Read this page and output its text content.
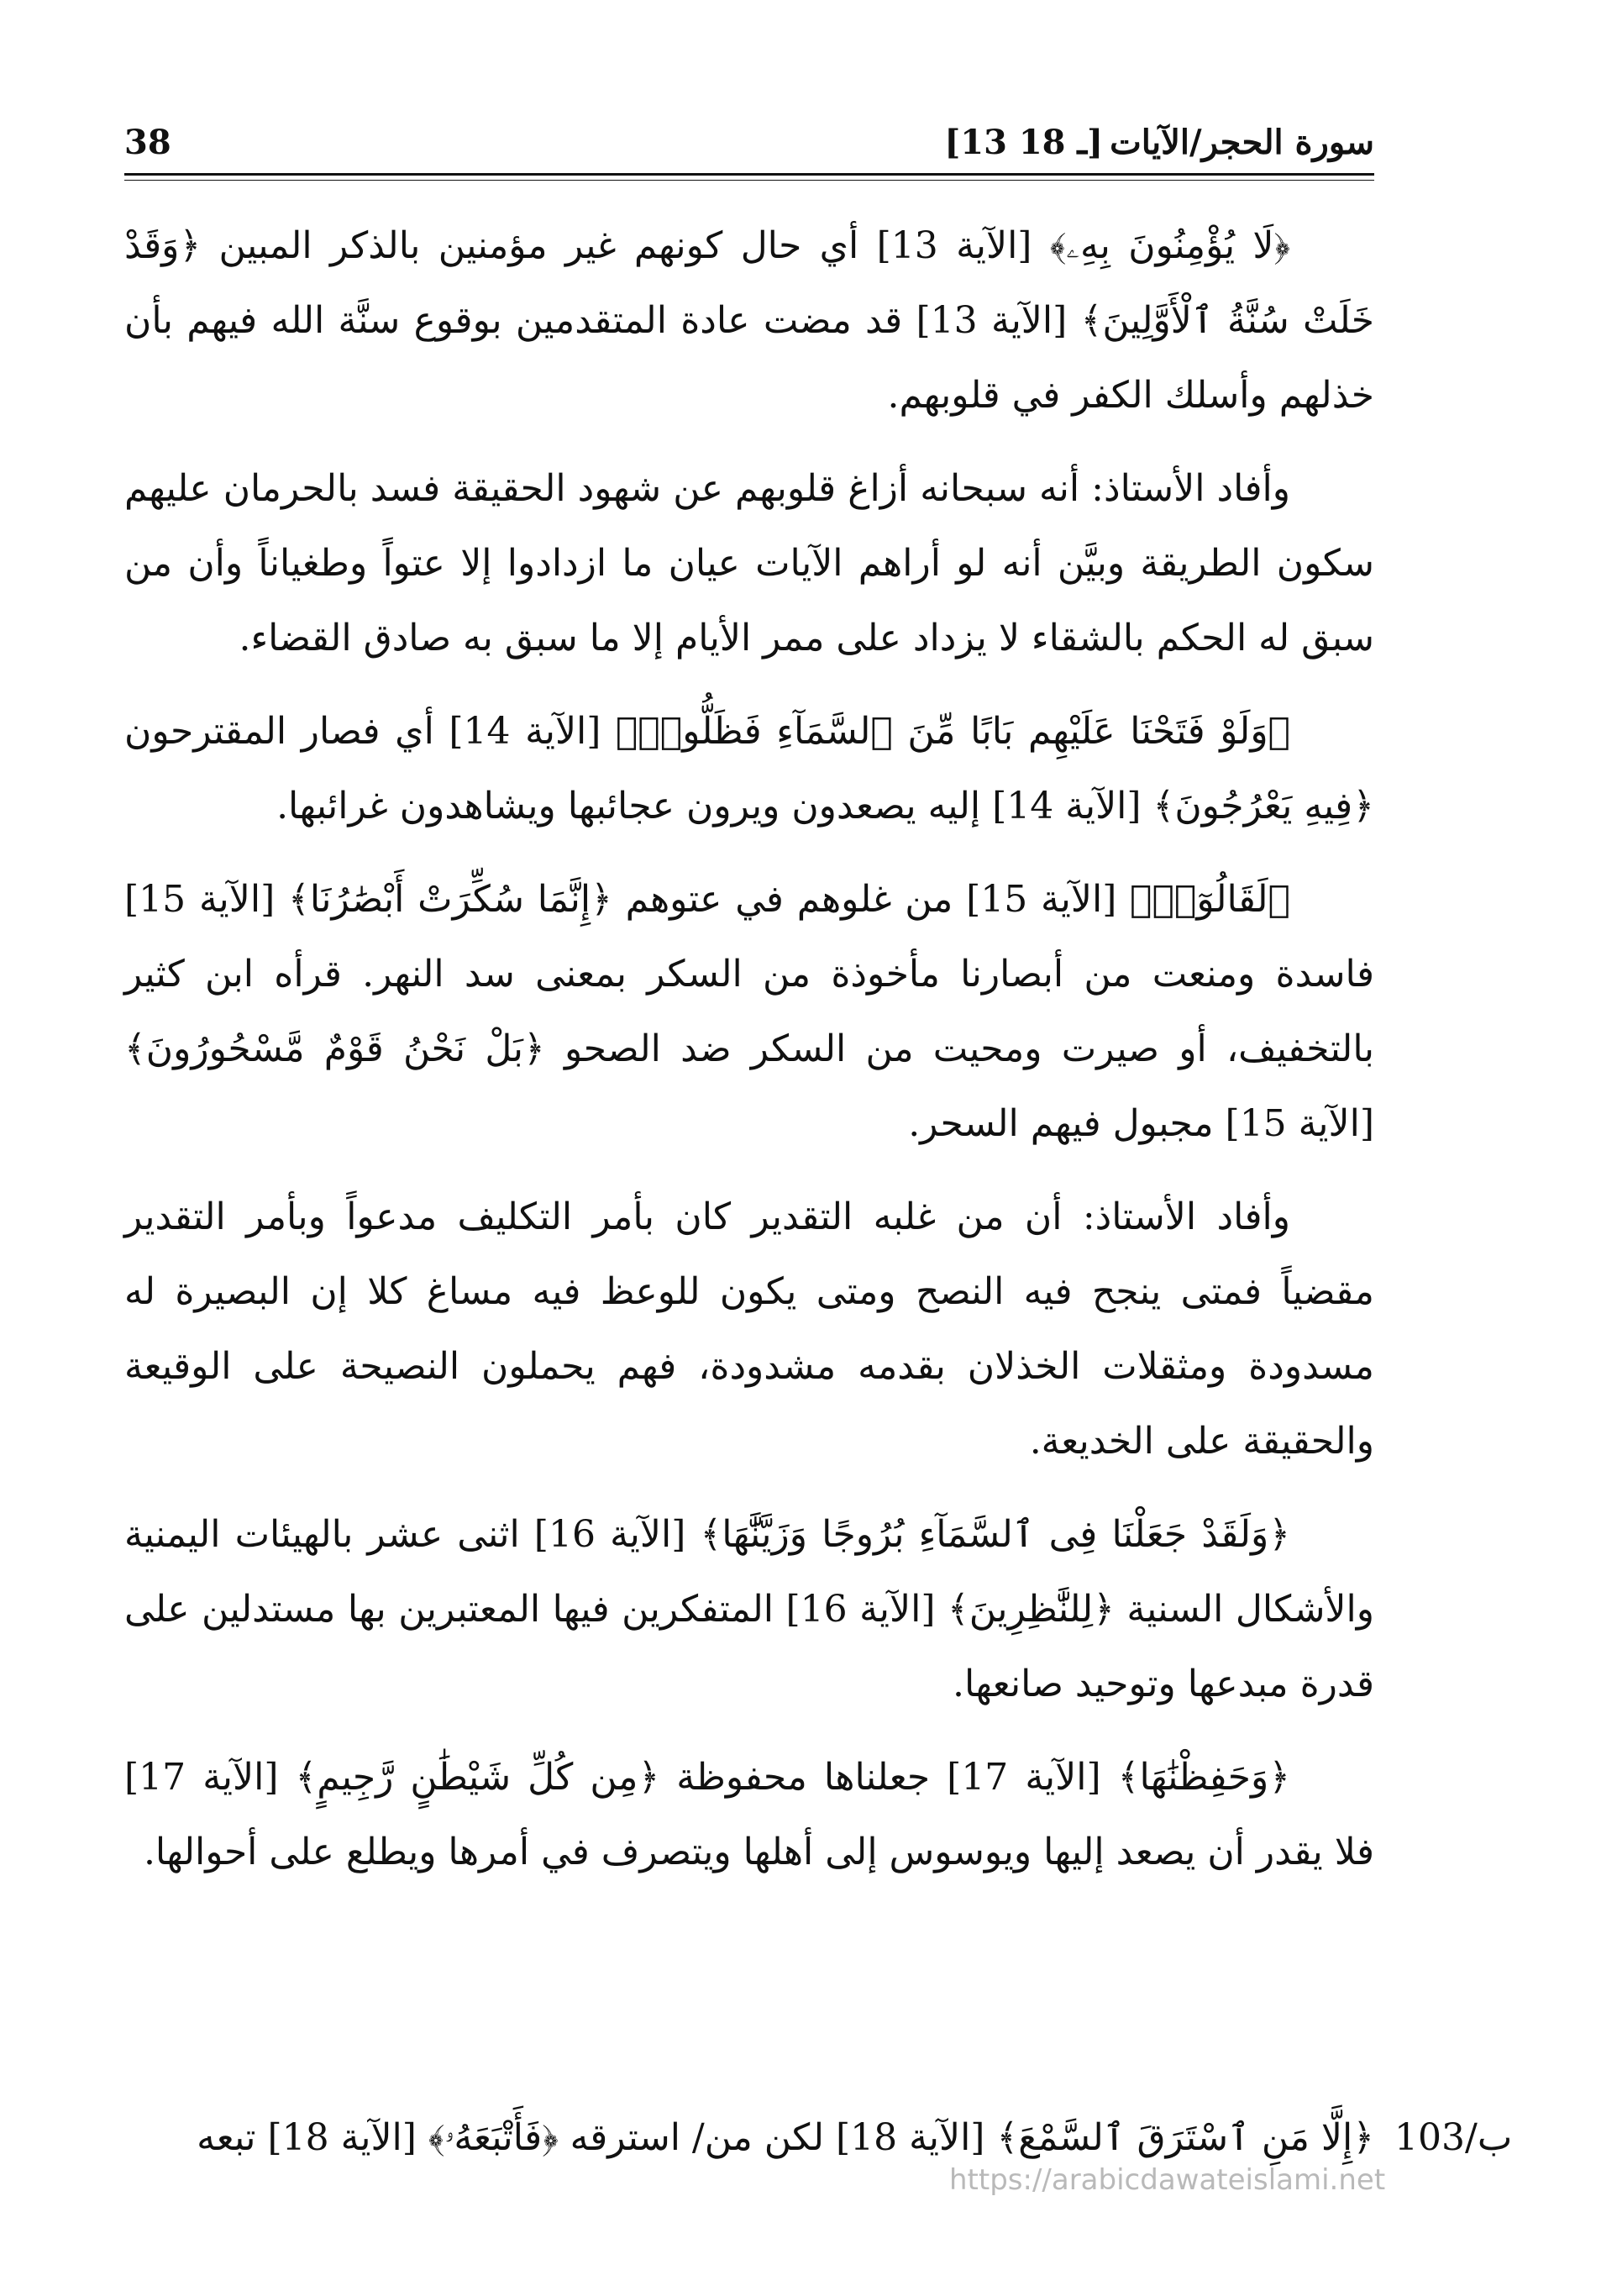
سورة الحجر/الآيات
[13 ـ 18]
38

﴿لَا يُؤْمِنُونَ بِهِۦ﴾ [الآية 13] أي حال كونهم غير مؤمنين بالذكر المبين ﴿وَقَدْ خَلَتْ سُنَّةُ ٱلْأَوَّلِينَ﴾ [الآية 13] قد مضت عادة المتقدمين بوقوع سنَّة الله فيهم بأن خذلهم وأسلك الكفر في قلوبهم.

وأفاد الأستاذ: أنه سبحانه أزاغ قلوبهم عن شهود الحقيقة فسد بالحرمان عليهم سكون الطريقة وبيَّن أنه لو أراهم الآيات عيان ما ازدادوا إلا عتواً وطغياناً وأن من سبق له الحكم بالشقاء لا يزداد على ممر الأيام إلا ما سبق به صادق القضاء.

﴿وَلَوْ فَتَحْنَا عَلَيْهِم بَابًا مِّنَ ٱلسَّمَآءِ فَظَلُّوا۟﴾ [الآية 14] أي فصار المقترحون ﴿فِيهِ يَعْرُجُونَ﴾ [الآية 14] إليه يصعدون ويرون عجائبها ويشاهدون غرائبها.

﴿لَقَالُوٓا۟﴾ [الآية 15] من غلوهم في عتوهم ﴿إِنَّمَا سُكِّرَتْ أَبْصَٰرُنَا﴾ [الآية 15] فاسدة ومنعت من أبصارنا مأخوذة من السكر بمعنى سد النهر. قرأه ابن كثير بالتخفيف، أو صيرت ومحيت من السكر ضد الصحو ﴿بَلْ نَحْنُ قَوْمٌ مَّسْحُورُونَ﴾ [الآية 15] مجبول فيهم السحر.

وأفاد الأستاذ: أن من غلبه التقدير كان بأمر التكليف مدعواً وبأمر التقدير مقضياً فمتى ينجح فيه النصح ومتى يكون للوعظ فيه مساغ كلا إن البصيرة له مسدودة ومثقلات الخذلان بقدمه مشدودة، فهم يحملون النصيحة على الوقيعة والحقيقة على الخديعة.

﴿وَلَقَدْ جَعَلْنَا فِى ٱلسَّمَآءِ بُرُوجًا وَزَيَّنَّٰهَا﴾ [الآية 16] اثنى عشر بالهيئات اليمنية والأشكال السنية ﴿لِلنَّٰظِرِينَ﴾ [الآية 16] المتفكرين فيها المعتبرين بها مستدلين على قدرة مبدعها وتوحيد صانعها.

﴿وَحَفِظْنَٰهَا﴾ [الآية 17] جعلناها محفوظة ﴿مِن كُلِّ شَيْطَٰنٍ رَّجِيمٍ﴾ [الآية 17] فلا يقدر أن يصعد إليها ويوسوس إلى أهلها ويتصرف في أمرها ويطلع على أحوالها.

﴿إِلَّا مَنِ ٱسْتَرَقَ ٱلسَّمْعَ﴾ [الآية 18] لكن من/ استرقه ﴿فَأَتْبَعَهُۥ﴾ [الآية 18] تبعه 103/ب
https://arabicdawateislami.net
